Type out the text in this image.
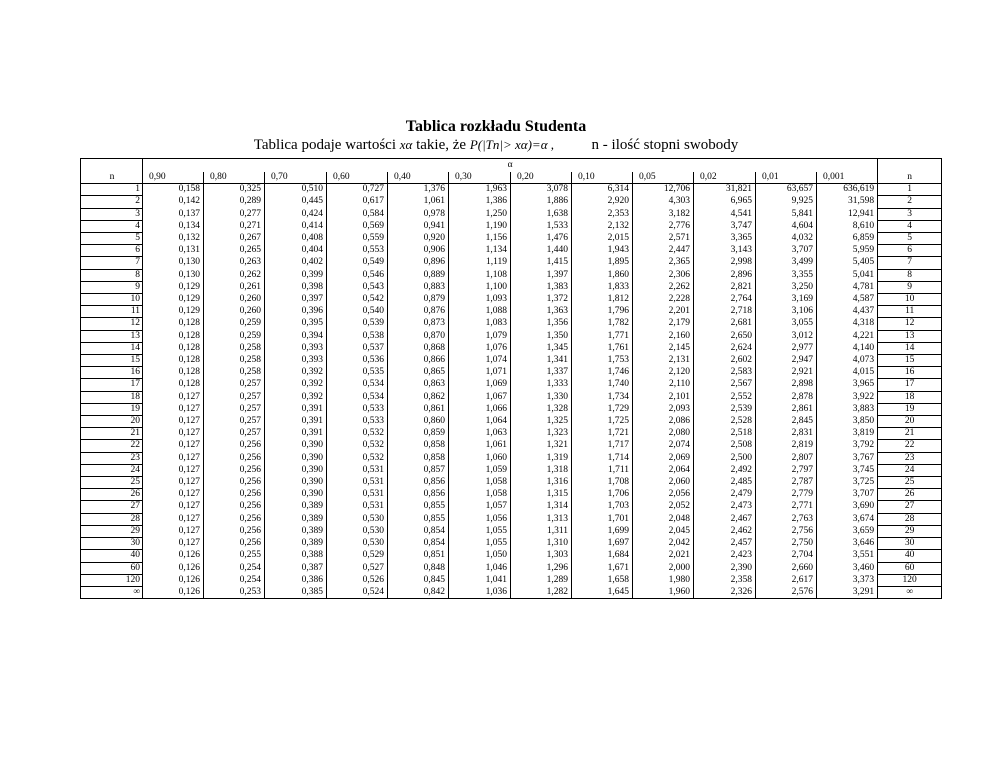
Tablica rozkładu Studenta
Tablica podaje wartości xα takie, że P(|Tn|> xα)=α ,	n - ilość stopni swobody
n	α												n
	0,90	0,80	0,70	0,60	0,40	0,30	0,20	0,10	0,05	0,02	0,01	0,001	
1	0,158	0,325	0,510	0,727	1,376	1,963	3,078	6,314	12,706	31,821	63,657	636,619	1
2	0,142	0,289	0,445	0,617	1,061	1,386	1,886	2,920	4,303	6,965	9,925	31,598	2
3	0,137	0,277	0,424	0,584	0,978	1,250	1,638	2,353	3,182	4,541	5,841	12,941	3
4	0,134	0,271	0,414	0,569	0,941	1,190	1,533	2,132	2,776	3,747	4,604	8,610	4
5	0,132	0,267	0,408	0,559	0,920	1,156	1,476	2,015	2,571	3,365	4,032	6,859	5
6	0,131	0,265	0,404	0,553	0,906	1,134	1,440	1,943	2,447	3,143	3,707	5,959	6
7	0,130	0,263	0,402	0,549	0,896	1,119	1,415	1,895	2,365	2,998	3,499	5,405	7
8	0,130	0,262	0,399	0,546	0,889	1,108	1,397	1,860	2,306	2,896	3,355	5,041	8
9	0,129	0,261	0,398	0,543	0,883	1,100	1,383	1,833	2,262	2,821	3,250	4,781	9
10	0,129	0,260	0,397	0,542	0,879	1,093	1,372	1,812	2,228	2,764	3,169	4,587	10
11	0,129	0,260	0,396	0,540	0,876	1,088	1,363	1,796	2,201	2,718	3,106	4,437	11
12	0,128	0,259	0,395	0,539	0,873	1,083	1,356	1,782	2,179	2,681	3,055	4,318	12
13	0,128	0,259	0,394	0,538	0,870	1,079	1,350	1,771	2,160	2,650	3,012	4,221	13
14	0,128	0,258	0,393	0,537	0,868	1,076	1,345	1,761	2,145	2,624	2,977	4,140	14
15	0,128	0,258	0,393	0,536	0,866	1,074	1,341	1,753	2,131	2,602	2,947	4,073	15
16	0,128	0,258	0,392	0,535	0,865	1,071	1,337	1,746	2,120	2,583	2,921	4,015	16
17	0,128	0,257	0,392	0,534	0,863	1,069	1,333	1,740	2,110	2,567	2,898	3,965	17
18	0,127	0,257	0,392	0,534	0,862	1,067	1,330	1,734	2,101	2,552	2,878	3,922	18
19	0,127	0,257	0,391	0,533	0,861	1,066	1,328	1,729	2,093	2,539	2,861	3,883	19
20	0,127	0,257	0,391	0,533	0,860	1,064	1,325	1,725	2,086	2,528	2,845	3,850	20
21	0,127	0,257	0,391	0,532	0,859	1,063	1,323	1,721	2,080	2,518	2,831	3,819	21
22	0,127	0,256	0,390	0,532	0,858	1,061	1,321	1,717	2,074	2,508	2,819	3,792	22
23	0,127	0,256	0,390	0,532	0,858	1,060	1,319	1,714	2,069	2,500	2,807	3,767	23
24	0,127	0,256	0,390	0,531	0,857	1,059	1,318	1,711	2,064	2,492	2,797	3,745	24
25	0,127	0,256	0,390	0,531	0,856	1,058	1,316	1,708	2,060	2,485	2,787	3,725	25
26	0,127	0,256	0,390	0,531	0,856	1,058	1,315	1,706	2,056	2,479	2,779	3,707	26
27	0,127	0,256	0,389	0,531	0,855	1,057	1,314	1,703	2,052	2,473	2,771	3,690	27
28	0,127	0,256	0,389	0,530	0,855	1,056	1,313	1,701	2,048	2,467	2,763	3,674	28
29	0,127	0,256	0,389	0,530	0,854	1,055	1,311	1,699	2,045	2,462	2,756	3,659	29
30	0,127	0,256	0,389	0,530	0,854	1,055	1,310	1,697	2,042	2,457	2,750	3,646	30
40	0,126	0,255	0,388	0,529	0,851	1,050	1,303	1,684	2,021	2,423	2,704	3,551	40
60	0,126	0,254	0,387	0,527	0,848	1,046	1,296	1,671	2,000	2,390	2,660	3,460	60
120	0,126	0,254	0,386	0,526	0,845	1,041	1,289	1,658	1,980	2,358	2,617	3,373	120
∞	0,126	0,253	0,385	0,524	0,842	1,036	1,282	1,645	1,960	2,326	2,576	3,291	∞
